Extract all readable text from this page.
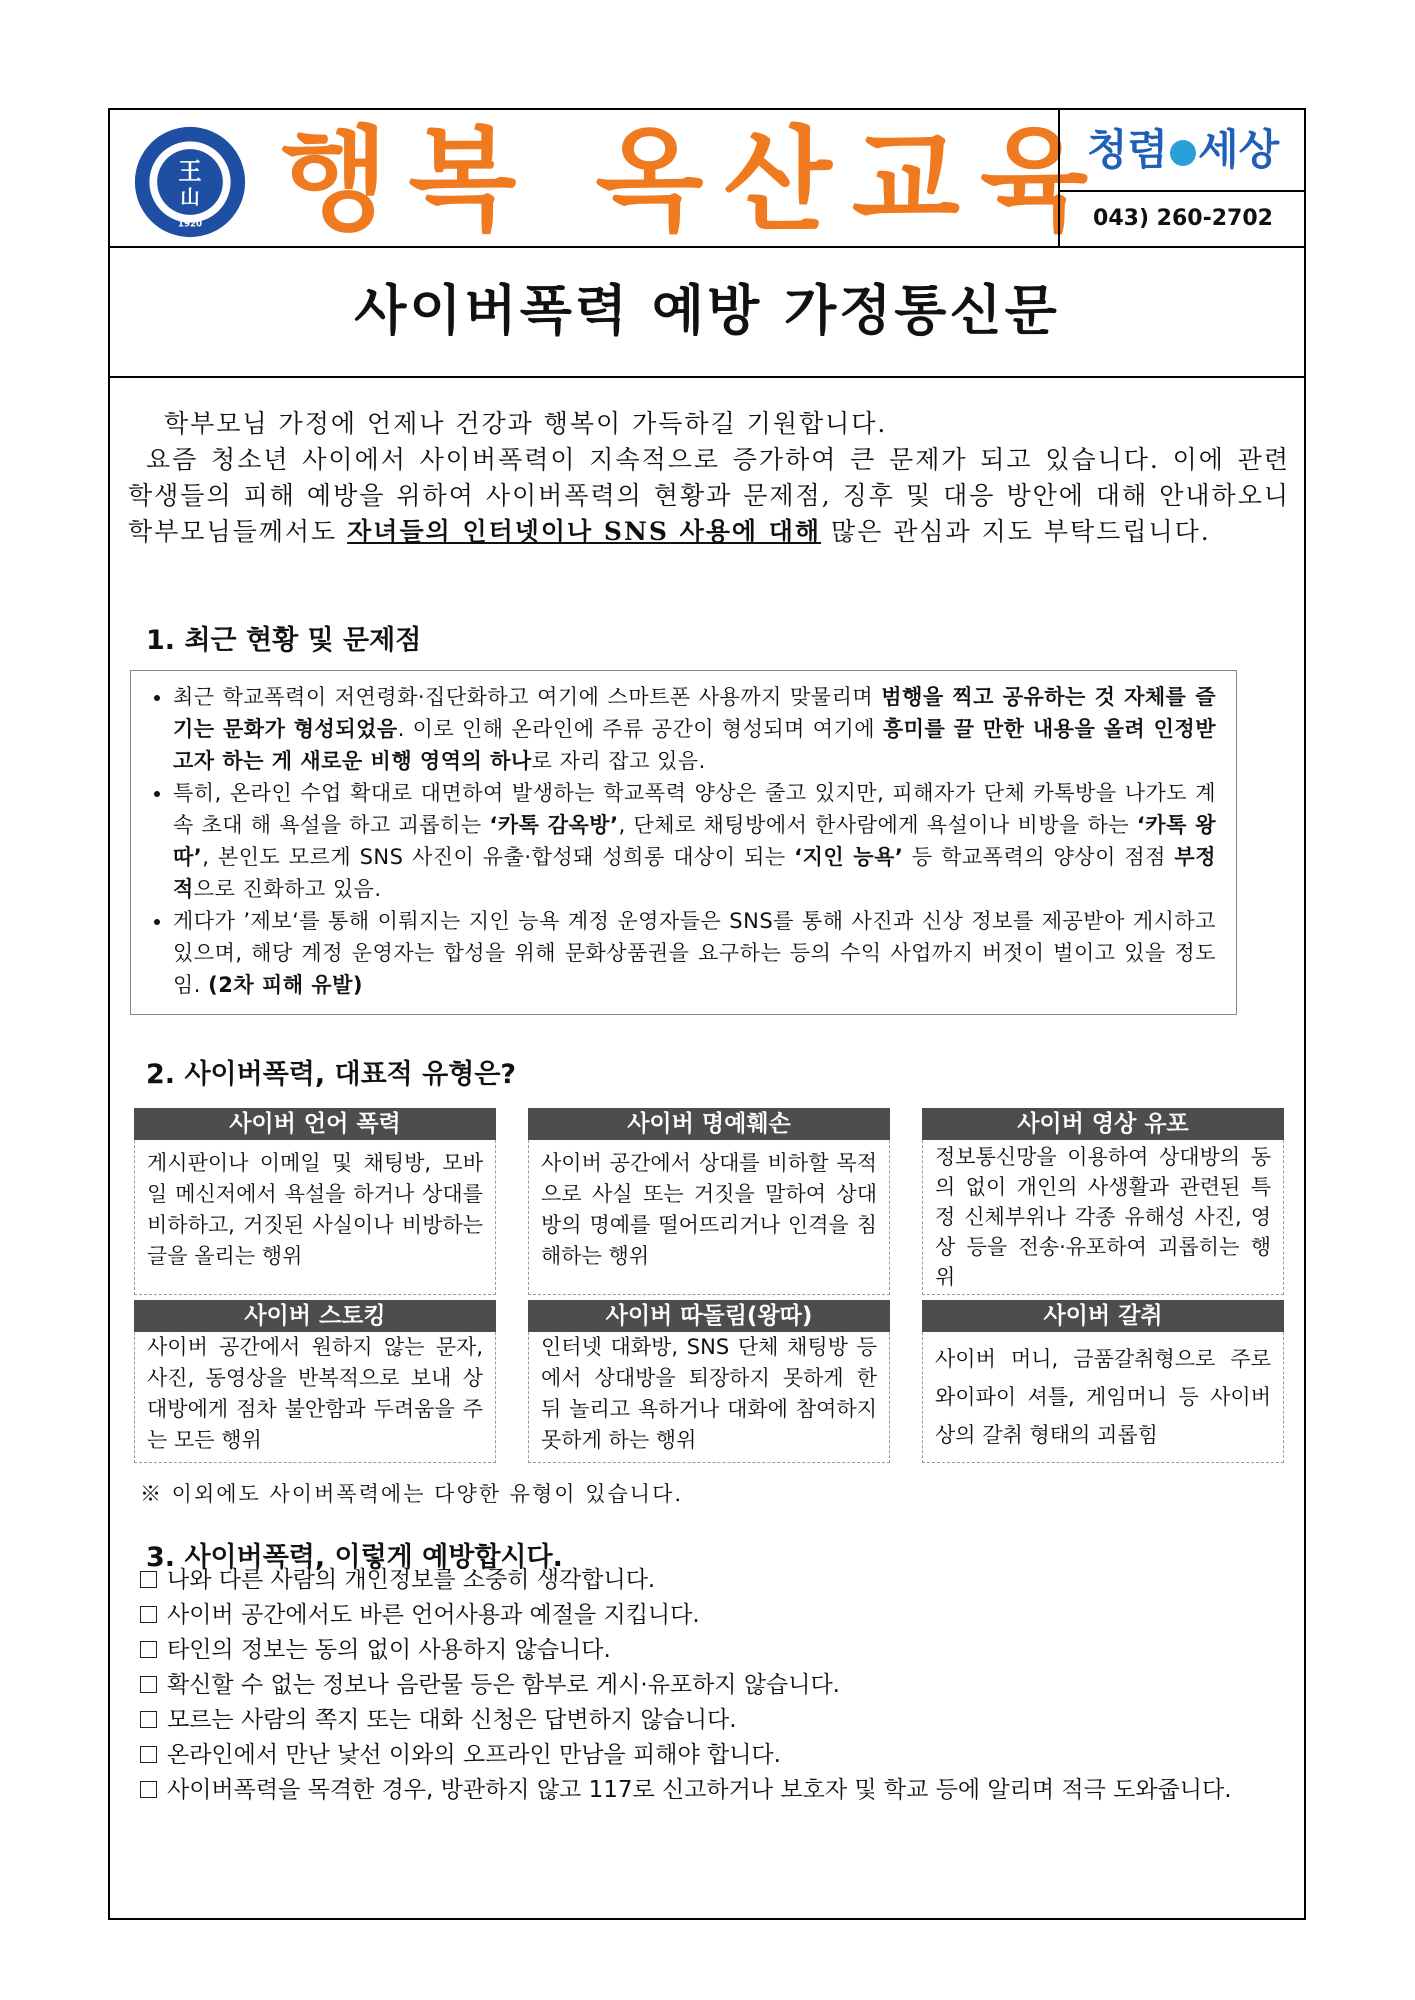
王
山
1920 행복 옥산교육
청렴 세상
043) 260-2702
사이버폭력 예방 가정통신문

학부모님 가정에 언제나 건강과 행복이 가득하길 기원합니다.

요즘 청소년 사이에서 사이버폭력이 지속적으로 증가하여 큰 문제가 되고 있습니다. 이에 관련 학생들의 피해 예방을 위하여 사이버폭력의 현황과 문제점, 징후 및 대응 방안에 대해 안내하오니 학부모님들께서도 자녀들의 인터넷이나 SNS 사용에 대해 많은 관심과 지도 부탁드립니다.

1. 최근 현황 및 문제점
• 최근 학교폭력이 저연령화·집단화하고 여기에 스마트폰 사용까지 맞물리며 범행을 찍고 공유하는 것 자체를 즐기는 문화가 형성되었음. 이로 인해 온라인에 주류 공간이 형성되며 여기에 흥미를 끌 만한 내용을 올려 인정받고자 하는 게 새로운 비행 영역의 하나로 자리 잡고 있음.
• 특히, 온라인 수업 확대로 대면하여 발생하는 학교폭력 양상은 줄고 있지만, 피해자가 단체 카톡방을 나가도 계속 초대 해 욕설을 하고 괴롭히는 ‘카톡 감옥방’, 단체로 채팅방에서 한사람에게 욕설이나 비방을 하는 ‘카톡 왕따’, 본인도 모르게 SNS 사진이 유출·합성돼 성희롱 대상이 되는 ‘지인 능욕’ 등 학교폭력의 양상이 점점 부정적으로 진화하고 있음.
• 게다가 ’제보‘를 통해 이뤄지는 지인 능욕 계정 운영자들은 SNS를 통해 사진과 신상 정보를 제공받아 게시하고 있으며, 해당 계정 운영자는 합성을 위해 문화상품권을 요구하는 등의 수익 사업까지 버젓이 벌이고 있을 정도임. (2차 피해 유발)
2. 사이버폭력, 대표적 유형은?
사이버 언어 폭력
게시판이나 이메일 및 채팅방, 모바일 메신저에서 욕설을 하거나 상대를 비하하고, 거짓된 사실이나 비방하는 글을 올리는 행위
사이버 명예훼손
사이버 공간에서 상대를 비하할 목적으로 사실 또는 거짓을 말하여 상대방의 명예를 떨어뜨리거나 인격을 침해하는 행위
사이버 영상 유포
정보통신망을 이용하여 상대방의 동의 없이 개인의 사생활과 관련된 특정 신체부위나 각종 유해성 사진, 영상 등을 전송·유포하여 괴롭히는 행위
사이버 스토킹
사이버 공간에서 원하지 않는 문자, 사진, 동영상을 반복적으로 보내 상대방에게 점차 불안함과 두려움을 주는 모든 행위
사이버 따돌림(왕따)
인터넷 대화방, SNS 단체 채팅방 등에서 상대방을 퇴장하지 못하게 한 뒤 놀리고 욕하거나 대화에 참여하지 못하게 하는 행위
사이버 갈취
사이버 머니, 금품갈취형으로 주로 와이파이 셔틀, 게임머니 등 사이버상의 갈취 형태의 괴롭힘
※ 이외에도 사이버폭력에는 다양한 유형이 있습니다.
3. 사이버폭력, 이렇게 예방합시다.
나와 다른 사람의 개인정보를 소중히 생각합니다.
사이버 공간에서도 바른 언어사용과 예절을 지킵니다.
타인의 정보는 동의 없이 사용하지 않습니다.
확신할 수 없는 정보나 음란물 등은 함부로 게시·유포하지 않습니다.
모르는 사람의 쪽지 또는 대화 신청은 답변하지 않습니다.
온라인에서 만난 낯선 이와의 오프라인 만남을 피해야 합니다.
사이버폭력을 목격한 경우, 방관하지 않고 117로 신고하거나 보호자 및 학교 등에 알리며 적극 도와줍니다.
